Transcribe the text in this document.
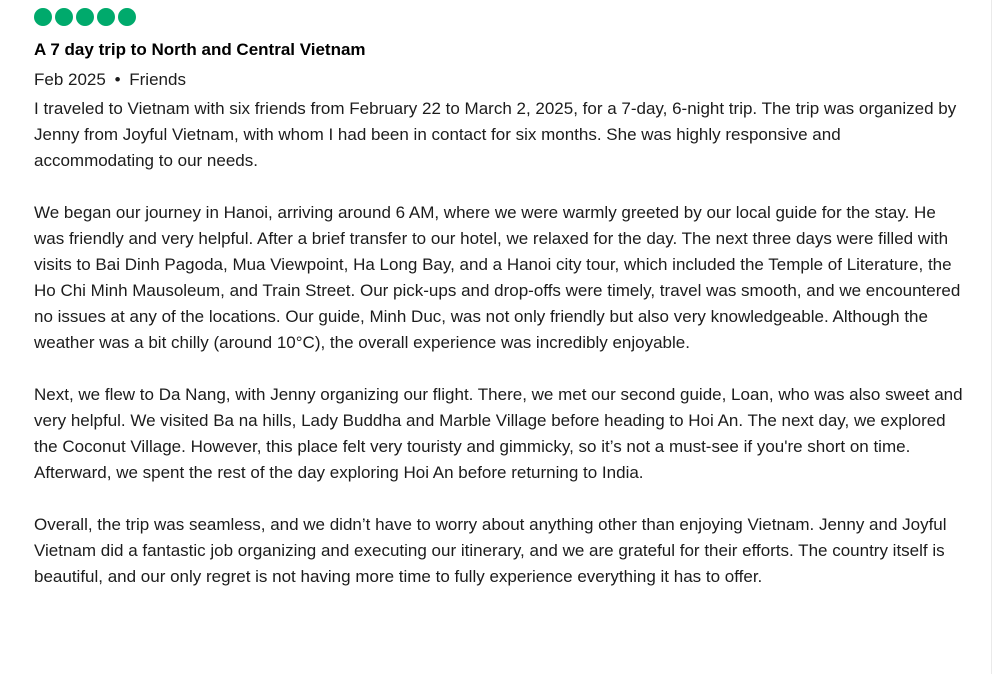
A 7 day trip to North and Central Vietnam
Feb 2025 • Friends

I traveled to Vietnam with six friends from February 22 to March 2, 2025, for a 7-day, 6-night trip. The trip was organized by Jenny from Joyful Vietnam, with whom I had been in contact for six months. She was highly responsive and accommodating to our needs.

We began our journey in Hanoi, arriving around 6 AM, where we were warmly greeted by our local guide for the stay. He was friendly and very helpful. After a brief transfer to our hotel, we relaxed for the day. The next three days were filled with visits to Bai Dinh Pagoda, Mua Viewpoint, Ha Long Bay, and a Hanoi city tour, which included the Temple of Literature, the Ho Chi Minh Mausoleum, and Train Street. Our pick-ups and drop-offs were timely, travel was smooth, and we encountered no issues at any of the locations. Our guide, Minh Duc, was not only friendly but also very knowledgeable. Although the weather was a bit chilly (around 10°C), the overall experience was incredibly enjoyable.

Next, we flew to Da Nang, with Jenny organizing our flight. There, we met our second guide, Loan, who was also sweet and very helpful. We visited Ba na hills, Lady Buddha and Marble Village before heading to Hoi An. The next day, we explored the Coconut Village. However, this place felt very touristy and gimmicky, so it’s not a must-see if you're short on time. Afterward, we spent the rest of the day exploring Hoi An before returning to India.

Overall, the trip was seamless, and we didn’t have to worry about anything other than enjoying Vietnam. Jenny and Joyful Vietnam did a fantastic job organizing and executing our itinerary, and we are grateful for their efforts. The country itself is beautiful, and our only regret is not having more time to fully experience everything it has to offer.
